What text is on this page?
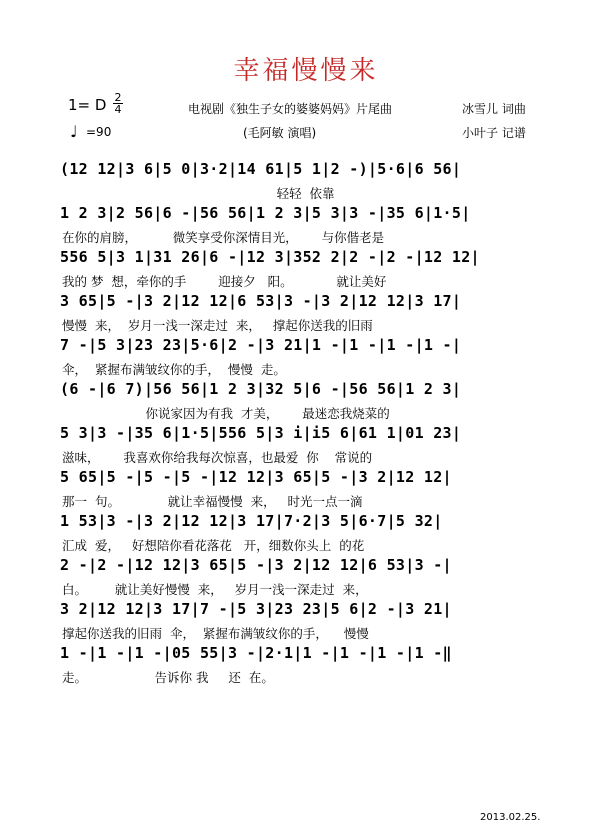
幸福慢慢来
1= D $\frac{2}{4}$
♩ =90
电视剧《独生子女的婆婆妈妈》片尾曲
(毛阿敏 演唱)
冰雪儿 词曲
小叶子 记谱
(12 12|3 6|5 0|3·2|14 61|5 1|2 -)|5·6|6 56|
轻轻  依靠
1 2 3|2 56|6 -|56 56|1 2 3|5 3|3 -|35 6|1·5|
在你的肩膀，         微笑享受你深情目光，      与你偕老是
556 5|3 1|31 26|6 -|12 3|352 2|2 -|2 -|12 12|
我的 梦  想，牵你的手        迎接夕   阳。           就让美好
3 65|5 -|3 2|12 12|6 53|3 -|3 2|12 12|3 17|
慢慢  来，  岁月一浅一深走过  来，   撑起你送我的旧雨
7 -|5 3|23 23|5·6|2 -|3 21|1 -|1 -|1 -|1 -|
伞，  紧握布满皱纹你的手，  慢慢  走。
(6 -|6 7)|56 56|1 2 3|32 5|6 -|56 56|1 2 3|
你说家因为有我  才美，      最迷恋我烧菜的
5 3|3 -|35 6|1·5|556 5|3 i|i5 6|61 1|01 23|
滋味，      我喜欢你给我每次惊喜，也最爱  你    常说的
5 65|5 -|5 -|5 -|12 12|3 65|5 -|3 2|12 12|
那一  句。            就让幸福慢慢  来，   时光一点一滴
1 53|3 -|3 2|12 12|3 17|7·2|3 5|6·7|5 32|
汇成  爱，   好想陪你看花落花   开，细数你头上  的花
2 -|2 -|12 12|3 65|5 -|3 2|12 12|6 53|3 -|
白。       就让美好慢慢  来，   岁月一浅一深走过  来，
3 2|12 12|3 17|7 -|5 3|23 23|5 6|2 -|3 21|
撑起你送我的旧雨  伞，  紧握布满皱纹你的手，    慢慢
1 -|1 -|1 -|05 55|3 -|2·1|1 -|1 -|1 -|1 -‖
走。                 告诉你 我     还  在。
2013.02.25.
